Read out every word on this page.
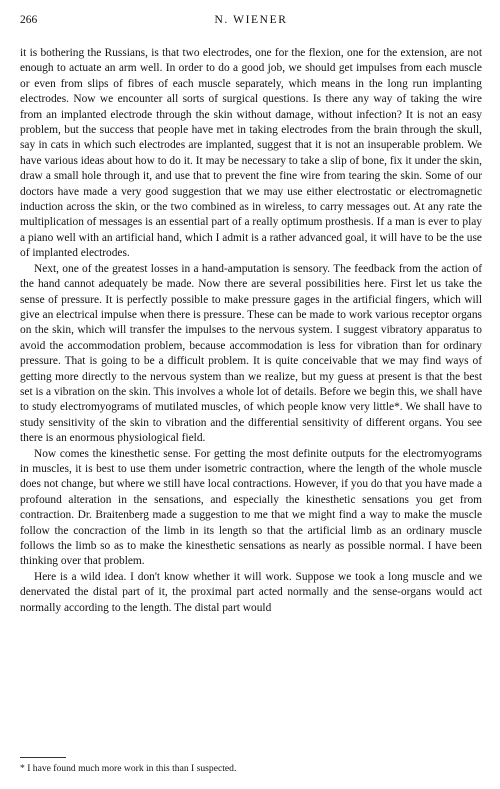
266	N. WIENER

it is bothering the Russians, is that two electrodes, one for the flexion, one for the extension, are not enough to actuate an arm well. In order to do a good job, we should get impulses from each muscle or even from slips of fibres of each muscle separately, which means in the long run implanting electrodes. Now we encounter all sorts of surgical questions. Is there any way of taking the wire from an implanted electrode through the skin without damage, without infection? It is not an easy problem, but the success that people have met in taking electrodes from the brain through the skull, say in cats in which such electrodes are implanted, suggest that it is not an insuperable problem. We have various ideas about how to do it. It may be necessary to take a slip of bone, fix it under the skin, draw a small hole through it, and use that to prevent the fine wire from tearing the skin. Some of our doctors have made a very good suggestion that we may use either electrostatic or electromagnetic induction across the skin, or the two combined as in wireless, to carry messages out. At any rate the multiplication of messages is an essential part of a really optimum prosthesis. If a man is ever to play a piano well with an artificial hand, which I admit is a rather advanced goal, it will have to be the use of implanted electrodes.

Next, one of the greatest losses in a hand-amputation is sensory. The feedback from the action of the hand cannot adequately be made. Now there are several possibilities here. First let us take the sense of pressure. It is perfectly possible to make pressure gages in the artificial fingers, which will give an electrical impulse when there is pressure. These can be made to work various receptor organs on the skin, which will transfer the impulses to the nervous system. I suggest vibratory apparatus to avoid the accommodation problem, because accommodation is less for vibration than for ordinary pressure. That is going to be a difficult problem. It is quite conceivable that we may find ways of getting more directly to the nervous system than we realize, but my guess at present is that the best set is a vibration on the skin. This involves a whole lot of details. Before we begin this, we shall have to study electromyograms of mutilated muscles, of which people know very little*. We shall have to study sensitivity of the skin to vibration and the differential sensitivity of different organs. You see there is an enormous physiological field.

Now comes the kinesthetic sense. For getting the most definite outputs for the electromyograms in muscles, it is best to use them under isometric contraction, where the length of the whole muscle does not change, but where we still have local contractions. However, if you do that you have made a profound alteration in the sensations, and especially the kinesthetic sensations you get from contraction. Dr. Braitenberg made a suggestion to me that we might find a way to make the muscle follow the concraction of the limb in its length so that the artificial limb as an ordinary muscle follows the limb so as to make the kinesthetic sensations as nearly as possible normal. I have been thinking over that problem.

Here is a wild idea. I don't know whether it will work. Suppose we took a long muscle and we denervated the distal part of it, the proximal part acted normally and the sense-organs would act normally according to the length. The distal part would

* I have found much more work in this than I suspected.
